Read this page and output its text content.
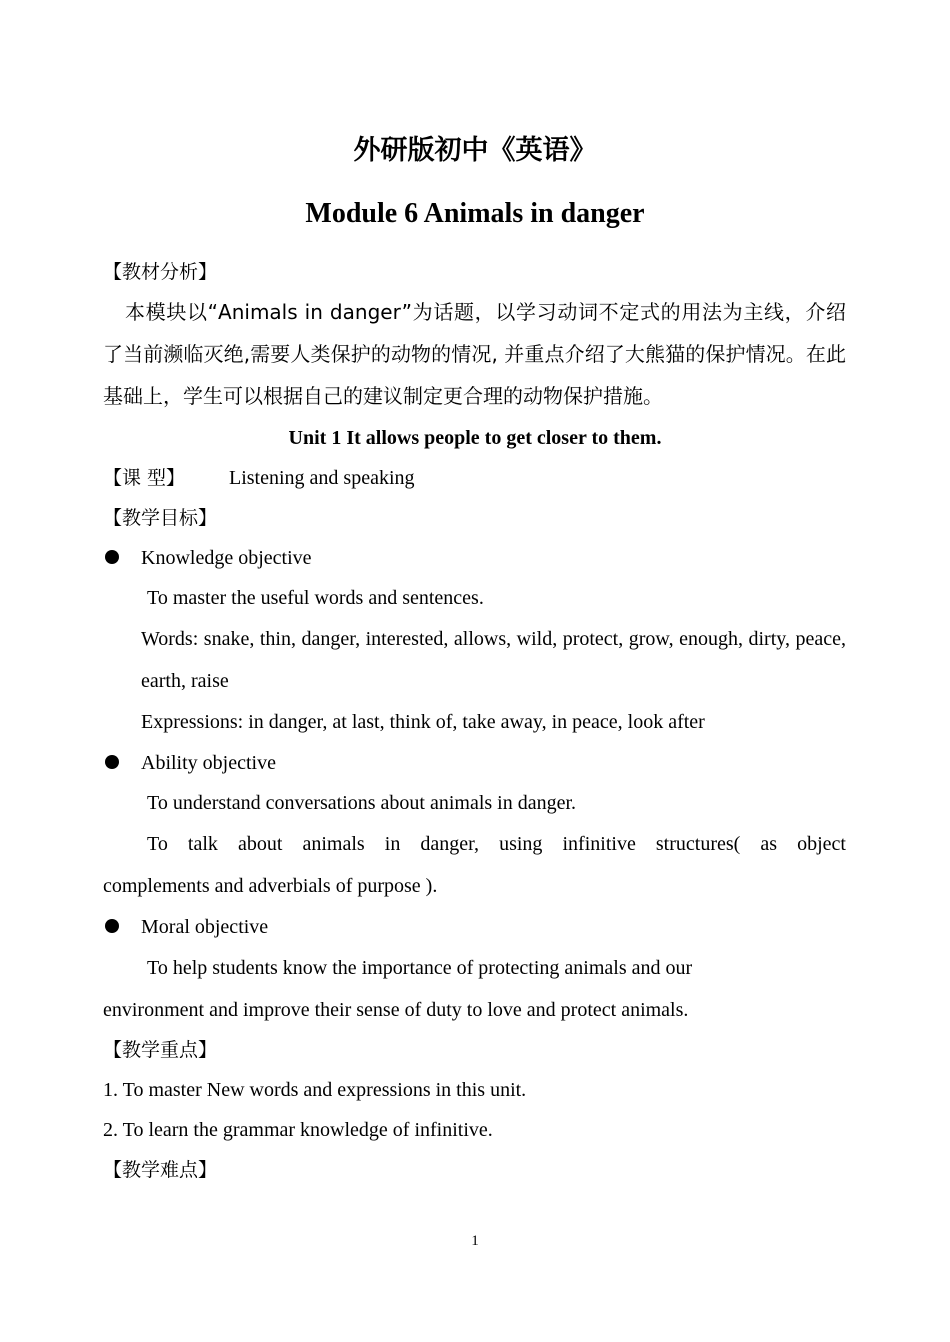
外研版初中《英语》
Module 6 Animals in danger
【教材分析】
本模块以“Animals in danger”为话题，以学习动词不定式的用法为主线，介绍了当前濒临灭绝,需要人类保护的动物的情况, 并重点介绍了大熊猫的保护情况。在此基础上，学生可以根据自己的建议制定更合理的动物保护措施。
Unit 1 It allows people to get closer to them.
【课 型】 Listening and speaking
【教学目标】
Knowledge objective
To master the useful words and sentences.
Words: snake, thin, danger, interested, allows, wild, protect, grow, enough, dirty, peace, earth, raise
Expressions: in danger, at last, think of, take away, in peace, look after
Ability objective
To understand conversations about animals in danger.
To talk about animals in danger, using infinitive structures( as object
complements and adverbials of purpose ).
Moral objective
To help students know the importance of protecting animals and our
environment and improve their sense of duty to love and protect animals.
【教学重点】
1. To master New words and expressions in this unit.
2. To learn the grammar knowledge of infinitive.
【教学难点】
1
